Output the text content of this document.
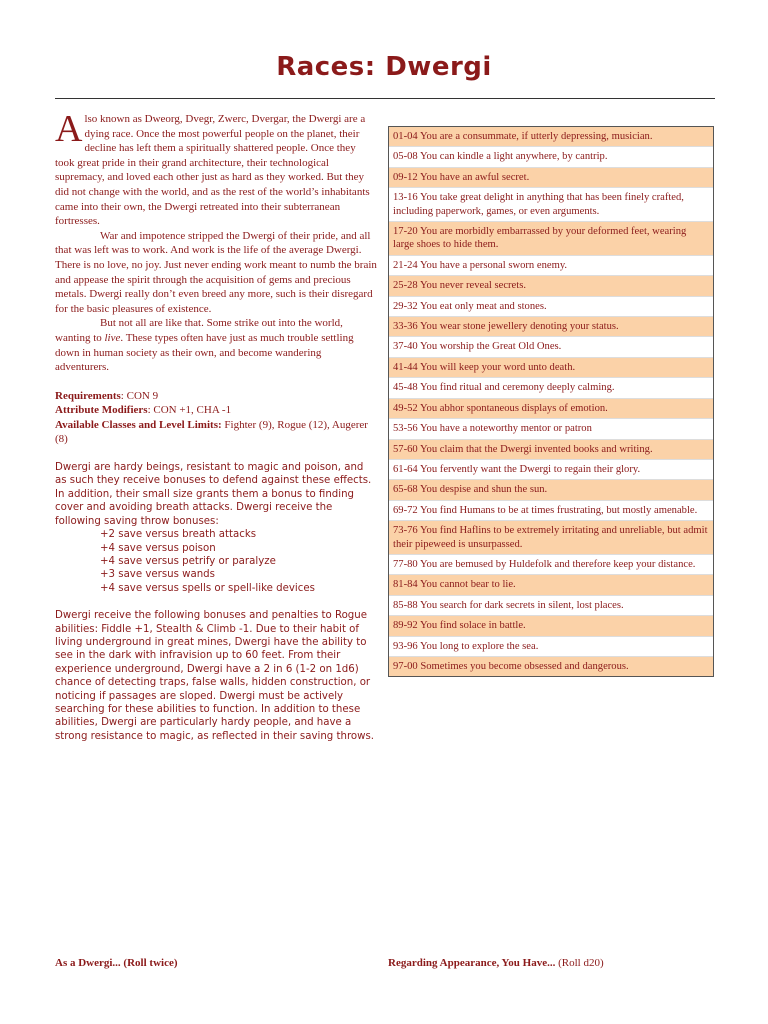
Races: Dwergi

Also known as Dweorg, Dvegr, Zwerc, Dvergar, the Dwergi are a dying race. Once the most powerful people on the planet, their decline has left them a spiritually shattered people. Once they took great pride in their grand architecture, their technological supremacy, and loved each other just as hard as they worked. But they did not change with the world, and as the rest of the world’s inhabitants came into their own, the Dwergi retreated into their subterranean fortresses.

War and impotence stripped the Dwergi of their pride, and all that was left was to work. And work is the life of the average Dwergi. There is no love, no joy. Just never ending work meant to numb the brain and appease the spirit through the acquisition of gems and precious metals. Dwergi really don’t even breed any more, such is their disregard for the basic pleasures of existence.

But not all are like that. Some strike out into the world, wanting to live. These types often have just as much trouble settling down in human society as their own, and become wandering adventurers.

Requirements: CON 9

Attribute Modifiers: CON +1, CHA -1

Available Classes and Level Limits: Fighter (9), Rogue (12), Augerer (8)

Dwergi are hardy beings, resistant to magic and poison, and as such they receive bonuses to defend against these effects. In addition, their small size grants them a bonus to finding cover and avoiding breath attacks. Dwergi receive the following saving throw bonuses:

+2 save versus breath attacks
+4 save versus poison
+4 save versus petrify or paralyze
+3 save versus wands
+4 save versus spells or spell-like devices

Dwergi receive the following bonuses and penalties to Rogue abilities: Fiddle +1, Stealth & Climb -1. Due to their habit of living underground in great mines, Dwergi have the ability to see in the dark with infravision up to 60 feet. From their experience underground, Dwergi have a 2 in 6 (1-2 on 1d6) chance of detecting traps, false walls, hidden construction, or noticing if passages are sloped. Dwergi must be actively searching for these abilities to function. In addition to these abilities, Dwergi are particularly hardy people, and have a strong resistance to magic, as reflected in their saving throws.

01-04 You are a consummate, if utterly depressing, musician.
05-08 You can kindle a light anywhere, by cantrip.
09-12 You have an awful secret.
13-16 You take great delight in anything that has been finely crafted, including paperwork, games, or even arguments.
17-20 You are morbidly embarrassed by your deformed feet, wearing large shoes to hide them.
21-24 You have a personal sworn enemy.
25-28 You never reveal secrets.
29-32 You eat only meat and stones.
33-36 You wear stone jewellery denoting your status.
37-40 You worship the Great Old Ones.
41-44 You will keep your word unto death.
45-48 You find ritual and ceremony deeply calming.
49-52 You abhor spontaneous displays of emotion.
53-56 You have a noteworthy mentor or patron
57-60 You claim that the Dwergi invented books and writing.
61-64 You fervently want the Dwergi to regain their glory.
65-68 You despise and shun the sun.
69-72 You find Humans to be at times frustrating, but mostly amenable.
73-76 You find Haflins to be extremely irritating and unreliable, but admit their pipeweed is unsurpassed.
77-80 You are bemused by Huldefolk and therefore keep your distance.
81-84 You cannot bear to lie.
85-88 You search for dark secrets in silent, lost places.
89-92 You find solace in battle.
93-96 You long to explore the sea.
97-00 Sometimes you become obsessed and dangerous.
As a Dwergi... (Roll twice)	Regarding Appearance, You Have... (Roll d20)
